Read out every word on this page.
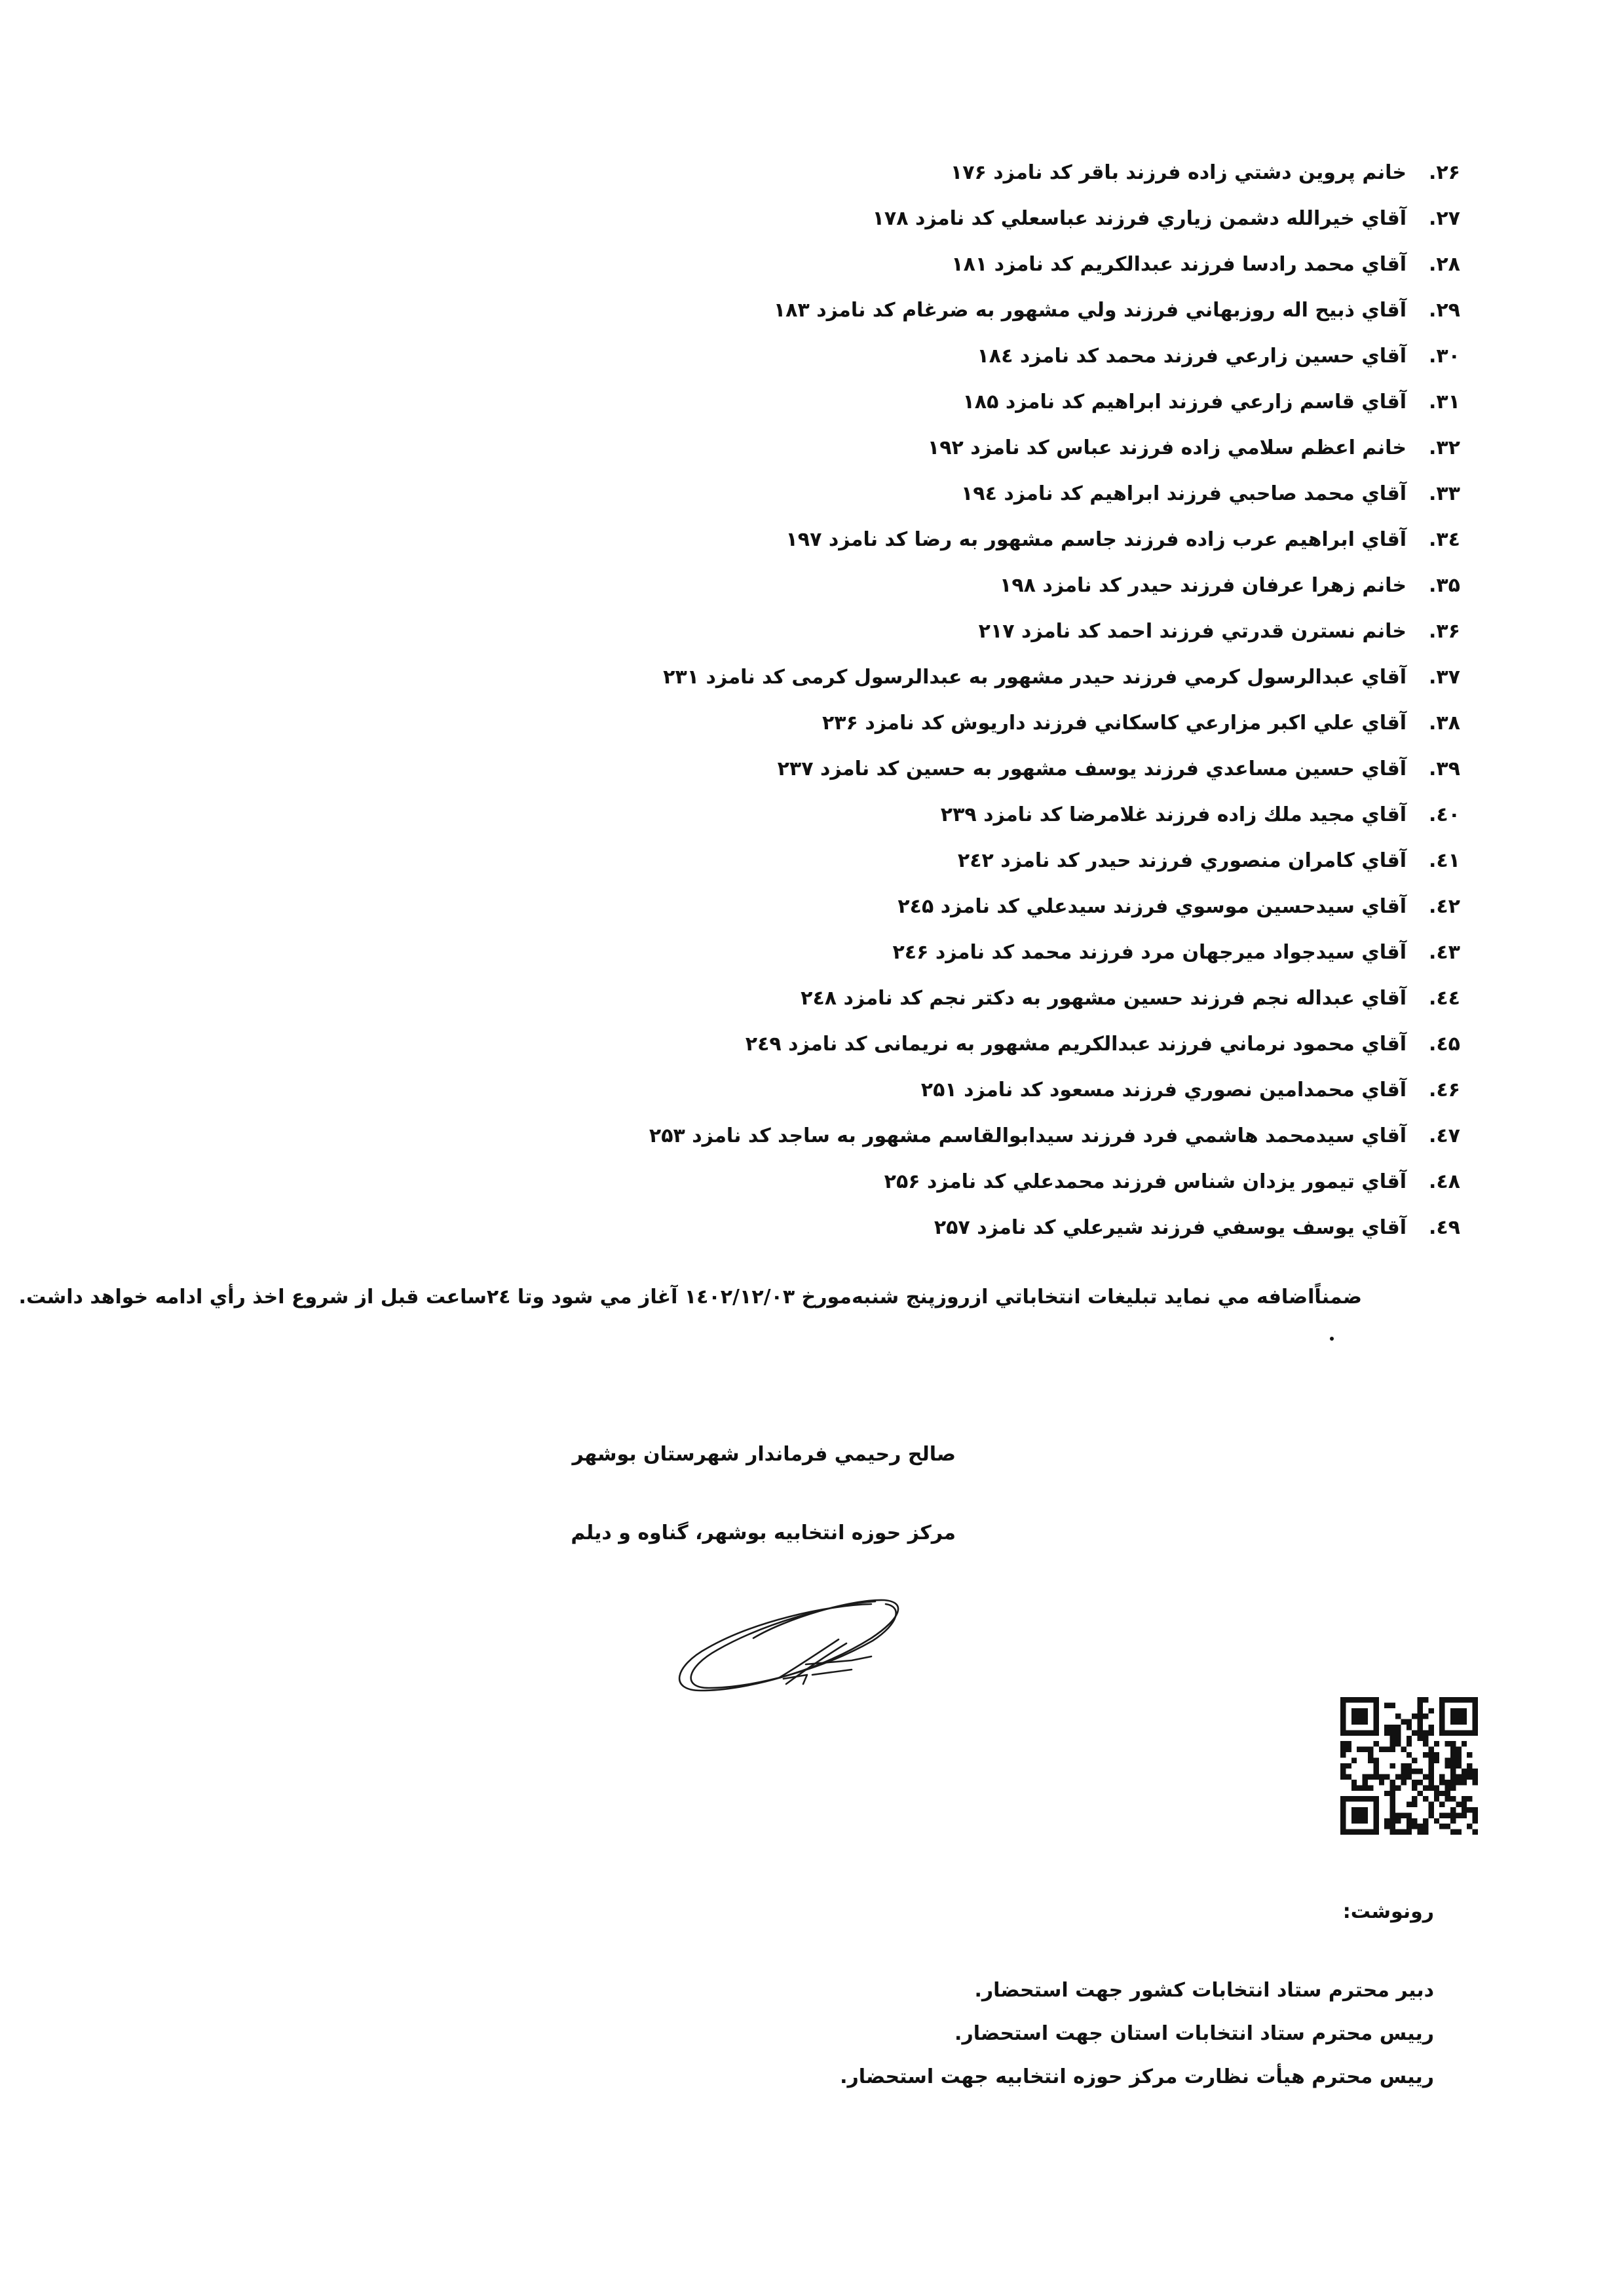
۲۶.
خانم پروين دشتي زاده فرزند باقر كد نامزد ۱۷۶
۲۷.
آقاي خيرالله دشمن زياري فرزند عباسعلي كد نامزد ۱۷۸
۲۸.
آقاي محمد رادسا فرزند عبدالكريم كد نامزد ۱۸۱
۲۹.
آقاي ذبيح اله روزبهاني فرزند ولي مشهور به ضرغام كد نامزد ۱۸۳
۳۰.
آقاي حسين زارعي فرزند محمد كد نامزد ۱۸٤
۳۱.
آقاي قاسم زارعي فرزند ابراهيم كد نامزد ۱۸۵
۳۲.
خانم اعظم سلامي زاده فرزند عباس كد نامزد ۱۹۲
۳۳.
آقاي محمد صاحبي فرزند ابراهيم كد نامزد ۱۹٤
۳٤.
آقاي ابراهيم عرب زاده فرزند جاسم مشهور به رضا كد نامزد ۱۹۷
۳۵.
خانم زهرا عرفان فرزند حيدر كد نامزد ۱۹۸
۳۶.
خانم نسترن قدرتي فرزند احمد كد نامزد ۲۱۷
۳۷.
آقاي عبدالرسول كرمي فرزند حيدر مشهور به عبدالرسول كرمی كد نامزد ۲۳۱
۳۸.
آقاي علي اكبر مزارعي كاسكاني فرزند داريوش كد نامزد ۲۳۶
۳۹.
آقاي حسين مساعدي فرزند يوسف مشهور به حسين كد نامزد ۲۳۷
٤۰.
آقاي مجيد ملك زاده فرزند غلامرضا كد نامزد ۲۳۹
٤۱.
آقاي كامران منصوري فرزند حيدر كد نامزد ۲٤۲
٤۲.
آقاي سيدحسين موسوي فرزند سيدعلي كد نامزد ۲٤۵
٤۳.
آقاي سيدجواد ميرجهان مرد فرزند محمد كد نامزد ۲٤۶
٤٤.
آقاي عبداله نجم فرزند حسين مشهور به دكتر نجم كد نامزد ۲٤۸
٤۵.
آقاي محمود نرماني فرزند عبدالكريم مشهور به نريمانی كد نامزد ۲٤۹
٤۶.
آقاي محمدامين نصوري فرزند مسعود كد نامزد ۲۵۱
٤۷.
آقاي سيدمحمد هاشمي فرد فرزند سيدابوالقاسم مشهور به ساجد كد نامزد ۲۵۳
٤۸.
آقاي تيمور يزدان شناس فرزند محمدعلي كد نامزد ۲۵۶
٤۹.
آقاي يوسف يوسفي فرزند شيرعلي كد نامزد ۲۵۷
ضمناًاضافه مي نمايد تبليغات انتخاباتي ازروزپنج شنبه‌مورخ ۱٤۰۲/۱۲/۰۳ آغاز مي شود وتا ۲٤ساعت قبل از شروع اخذ رأي ادامه خواهد داشت.
صالح رحيمي فرماندار شهرستان بوشهر
مركز حوزه انتخابيه بوشهر، گناوه و ديلم
رونوشت:
دبير محترم ستاد انتخابات كشور جهت استحضار.
رييس محترم ستاد انتخابات استان جهت استحضار.
رييس محترم هيأت نظارت مركز حوزه انتخابيه جهت استحضار.
